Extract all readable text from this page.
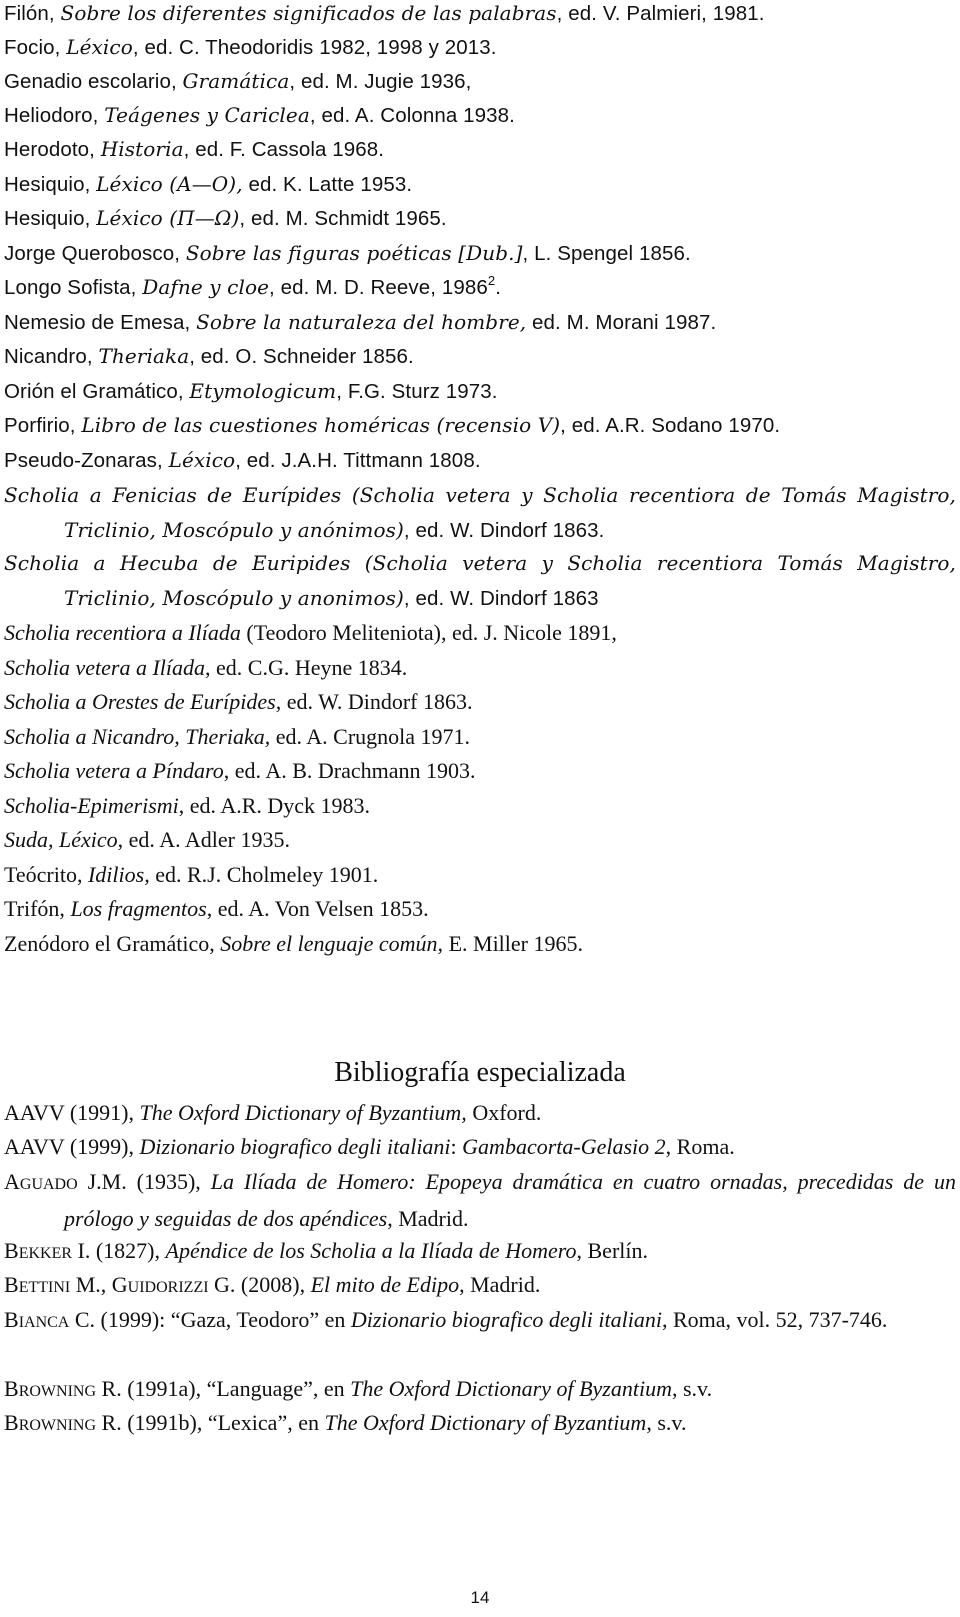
Filón, Sobre los diferentes significados de las palabras, ed. V. Palmieri, 1981.
Focio, Léxico, ed. C. Theodoridis 1982, 1998 y 2013.
Genadio escolario, Gramática, ed. M. Jugie 1936,
Heliodoro, Teágenes y Cariclea, ed. A. Colonna 1938.
Herodoto, Historia, ed. F. Cassola 1968.
Hesiquio, Léxico (Α—Ο), ed. K. Latte 1953.
Hesiquio, Léxico (Π—Ω), ed. M. Schmidt 1965.
Jorge Querobosco, Sobre las figuras poéticas [Dub.], L. Spengel 1856.
Longo Sofista, Dafne y cloe, ed. M. D. Reeve, 1986$^2$.
Nemesio de Emesa, Sobre la naturaleza del hombre, ed. M. Morani 1987.
Nicandro, Theriaka, ed. O. Schneider 1856.
Orión el Gramático, Etymologicum, F.G. Sturz 1973.
Porfirio, Libro de las cuestiones homéricas (recensio V), ed. A.R. Sodano 1970.
Pseudo-Zonaras, Léxico, ed. J.A.H. Tittmann 1808.
Scholia a Fenicias de Eurípides (Scholia vetera y Scholia recentiora de Tomás Magistro, Triclinio, Moscópulo y anónimos), ed. W. Dindorf 1863.
Scholia a Hecuba de Euripides (Scholia vetera y Scholia recentiora Tomás Magistro, Triclinio, Moscópulo y anonimos), ed. W. Dindorf 1863
Scholia recentiora a Ilíada (Teodoro Meliteniota), ed. J. Nicole 1891,
Scholia vetera a Ilíada, ed. C.G. Heyne 1834.
Scholia a Orestes de Eurípides, ed. W. Dindorf 1863.
Scholia a Nicandro, Theriaka, ed. A. Crugnola 1971.
Scholia vetera a Píndaro, ed. A. B. Drachmann 1903.
Scholia-Epimerismi, ed. A.R. Dyck 1983.
Suda, Léxico, ed. A. Adler 1935.
Teócrito, Idilios, ed. R.J. Cholmeley 1901.
Trifón, Los fragmentos, ed. A. Von Velsen 1853.
Zenódoro el Gramático, Sobre el lenguaje común, E. Miller 1965.
Bibliografía especializada
AAVV (1991), The Oxford Dictionary of Byzantium, Oxford.
AAVV (1999), Dizionario biografico degli italiani: Gambacorta-Gelasio 2, Roma.
AGUADO J.M. (1935), La Ilíada de Homero: Epopeya dramática en cuatro ornadas, precedidas de un prólogo y seguidas de dos apéndices, Madrid.
BEKKER I. (1827), Apéndice de los Scholia a la Ilíada de Homero, Berlín.
BETTINI M., GUIDORIZZI G. (2008), El mito de Edipo, Madrid.
BIANCA C. (1999): “Gaza, Teodoro” en Dizionario biografico degli italiani, Roma, vol. 52, 737-746.
BROWNING R. (1991a), “Language”, en The Oxford Dictionary of Byzantium, s.v.
BROWNING R. (1991b), “Lexica”, en The Oxford Dictionary of Byzantium, s.v.
14
